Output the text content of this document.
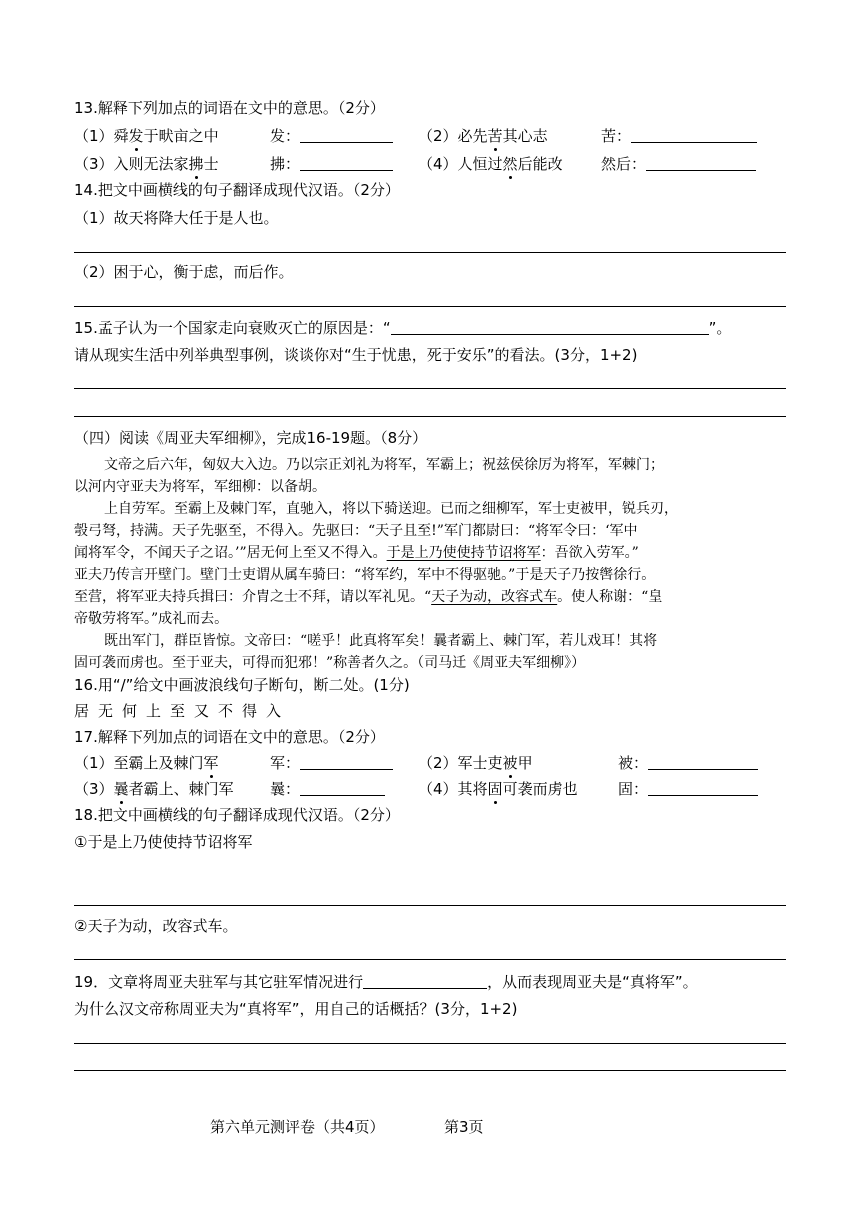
13.解释下列加点的词语在文中的意思。（2分）
（1）舜发于畎亩之中	发：	（2）必先苦其心志	苦：
（3）入则无法家拂士	拂：	（4）人恒过然后能改	然后：
14.把文中画横线的句子翻译成现代汉语。（2分）
（1）故天将降大任于是人也。
（2）困于心，衡于虑，而后作。
15.孟子认为一个国家走向衰败灭亡的原因是：“	”。
请从现实生活中列举典型事例，谈谈你对“生于忧患，死于安乐”的看法。(3分，1+2)
（四）阅读《周亚夫军细柳》，完成16-19题。（8分）
文帝之后六年，匈奴大入边。乃以宗正刘礼为将军，军霸上；祝兹侯徐厉为将军，军棘门；
以河内守亚夫为将军，军细柳：以备胡。
上自劳军。至霸上及棘门军，直驰入，将以下骑送迎。已而之细柳军，军士吏被甲，锐兵刃，
彀弓弩，持满。天子先驱至，不得入。先驱曰：“天子且至!”军门都尉曰：“将军令曰：‘军中
闻将军令，不闻天子之诏。’”居无何上至又不得入。于是上乃使使持节诏将军：吾欲入劳军。”
亚夫乃传言开壁门。壁门士吏谓从属车骑曰：“将军约，军中不得驱驰。”于是天子乃按辔徐行。
至营，将军亚夫持兵揖曰：介胄之士不拜，请以军礼见。“天子为动，改容式车。使人称谢：“皇
帝敬劳将军。”成礼而去。
既出军门，群臣皆惊。文帝曰：“嗟乎！此真将军矣！曩者霸上、棘门军，若儿戏耳！其将
固可袭而虏也。至于亚夫，可得而犯邪！”称善者久之。（司马迁《周亚夫军细柳》）
16.用“/”给文中画波浪线句子断句，断二处。(1分)
居无何上至又不得入
17.解释下列加点的词语在文中的意思。（2分）
（1）至霸上及棘门军	军：	（2）军士吏被甲	被：
（3）曩者霸上、棘门军 曩：	（4）其将固可袭而虏也	固：
18.把文中画横线的句子翻译成现代汉语。（2分）
①于是上乃使使持节诏将军
②天子为动，改容式车。
19．文章将周亚夫驻军与其它驻军情况进行	，从而表现周亚夫是“真将军”。
为什么汉文帝称周亚夫为“真将军”，用自己的话概括？(3分，1+2)
第六单元测评卷（共4页）	第3页
